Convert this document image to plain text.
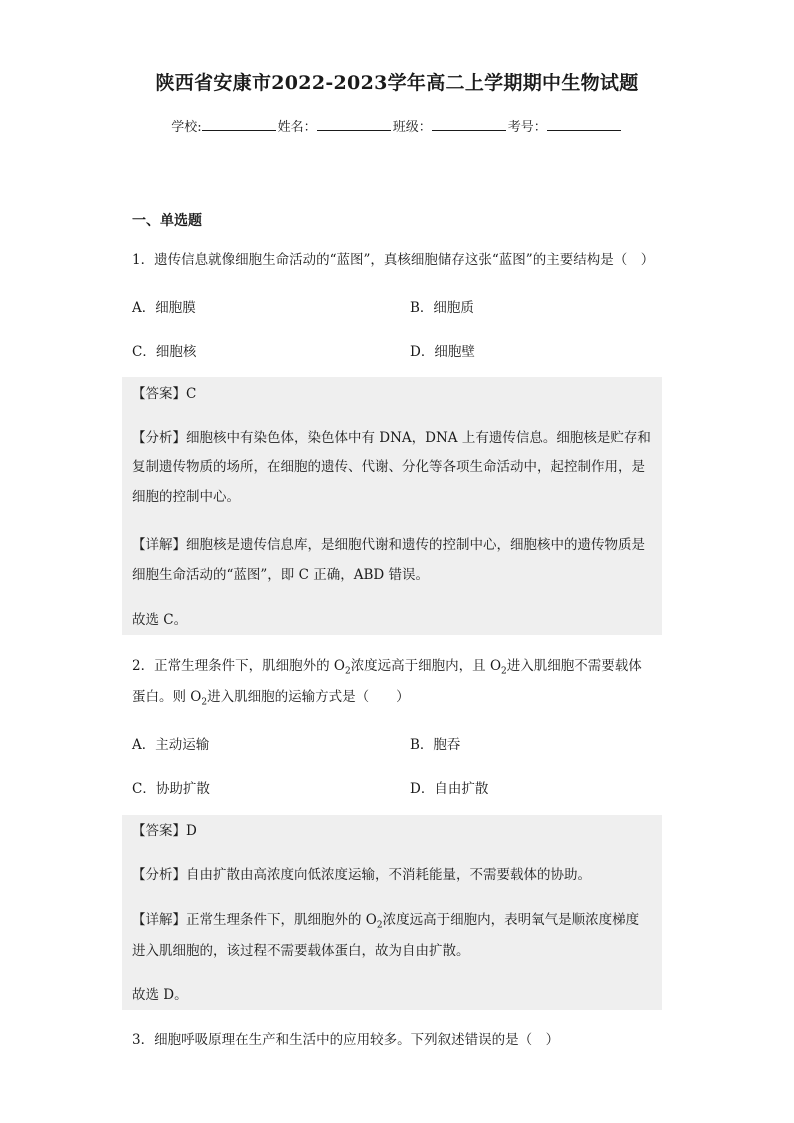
陕西省安康市2022-2023学年高二上学期期中生物试题
学校:	姓名：	班级：	考号：
一、单选题
1．遗传信息就像细胞生命活动的“蓝图”，真核细胞储存这张“蓝图”的主要结构是（　）
A．细胞膜	B．细胞质
C．细胞核	D．细胞壁
【答案】C
【分析】细胞核中有染色体，染色体中有 DNA，DNA 上有遗传信息。细胞核是贮存和
复制遗传物质的场所，在细胞的遗传、代谢、分化等各项生命活动中，起控制作用，是
细胞的控制中心。
【详解】细胞核是遗传信息库，是细胞代谢和遗传的控制中心，细胞核中的遗传物质是
细胞生命活动的“蓝图”，即 C 正确，ABD 错误。
故选 C。
2．正常生理条件下，肌细胞外的 $O_2$浓度远高于细胞内，且 $O_2$进入肌细胞不需要载体
蛋白。则 $O_2$进入肌细胞的运输方式是（　　）
A．主动运输	B．胞吞
C．协助扩散	D．自由扩散
【答案】D
【分析】自由扩散由高浓度向低浓度运输，不消耗能量，不需要载体的协助。
【详解】正常生理条件下，肌细胞外的 $O_2$浓度远高于细胞内，表明氧气是顺浓度梯度
进入肌细胞的，该过程不需要载体蛋白，故为自由扩散。
故选 D。
3．细胞呼吸原理在生产和生活中的应用较多。下列叙述错误的是（　）
